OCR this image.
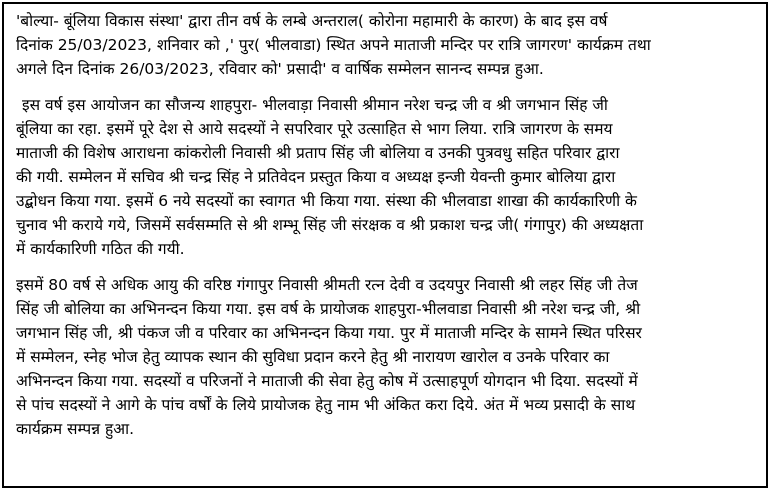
'बोल्या- बूंलिया विकास संस्था' द्वारा तीन वर्ष के लम्बे अन्तराल( कोरोना महामारी के कारण) के बाद इस वर्ष
दिनांक 25/03/2023, शनिवार को ,' पुर( भीलवाडा) स्थित अपने माताजी मन्दिर पर रात्रि जागरण' कार्यक्रम तथा
अगले दिन दिनांक 26/03/2023, रविवार को' प्रसादी' व वार्षिक सम्मेलन सानन्द सम्पन्न हुआ.

इस वर्ष इस आयोजन का सौजन्य शाहपुरा- भीलवाड़ा निवासी श्रीमान नरेश चन्द्र जी व श्री जगभान सिंह जी
बूंलिया का रहा. इसमें पूरे देश से आये सदस्यों ने सपरिवार पूरे उत्साहित से भाग लिया. रात्रि जागरण के समय
माताजी की विशेष आराधना कांकरोली निवासी श्री प्रताप सिंह जी बोलिया व उनकी पुत्रवधु सहित परिवार द्वारा
की गयी. सम्मेलन में सचिव श्री चन्द्र सिंह ने प्रतिवेदन प्रस्तुत किया व अध्यक्ष इन्जी येवन्ती कुमार बोलिया द्वारा
उद्बोधन किया गया. इसमें 6 नये सदस्यों का स्वागत भी किया गया. संस्था की भीलवाडा शाखा की कार्यकारिणी के
चुनाव भी कराये गये, जिसमें सर्वसम्मति से श्री शम्भू सिंह जी संरक्षक व श्री प्रकाश चन्द्र जी( गंगापुर) की अध्यक्षता
में कार्यकारिणी गठित की गयी.

इसमें 80 वर्ष से अधिक आयु की वरिष्ठ गंगापुर निवासी श्रीमती रत्न देवी व उदयपुर निवासी श्री लहर सिंह जी तेज
सिंह जी बोलिया का अभिनन्दन किया गया. इस वर्ष के प्रायोजक शाहपुरा-भीलवाडा निवासी श्री नरेश चन्द्र जी, श्री
जगभान सिंह जी, श्री पंकज जी व परिवार का अभिनन्दन किया गया. पुर में माताजी मन्दिर के सामने स्थित परिसर
में सम्मेलन, स्नेह भोज हेतु व्यापक स्थान की सुविधा प्रदान करने हेतु श्री नारायण खारोल व उनके परिवार का
अभिनन्दन किया गया. सदस्यों व परिजनों ने माताजी की सेवा हेतु कोष में उत्साहपूर्ण योगदान भी दिया. सदस्यों में
से पांच सदस्यों ने आगे के पांच वर्षों के लिये प्रायोजक हेतु नाम भी अंकित करा दिये. अंत में भव्य प्रसादी के साथ
कार्यक्रम सम्पन्न हुआ.
